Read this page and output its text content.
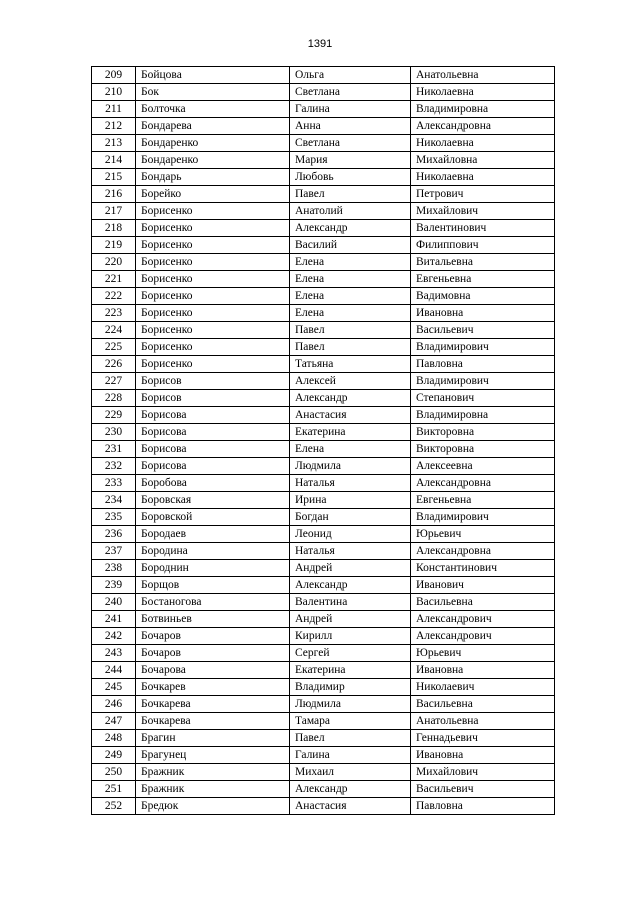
1391
209	Бойцова	Ольга	Анатольевна
210	Бок	Светлана	Николаевна
211	Болточка	Галина	Владимировна
212	Бондарева	Анна	Александровна
213	Бондаренко	Светлана	Николаевна
214	Бондаренко	Мария	Михайловна
215	Бондарь	Любовь	Николаевна
216	Борейко	Павел	Петрович
217	Борисенко	Анатолий	Михайлович
218	Борисенко	Александр	Валентинович
219	Борисенко	Василий	Филиппович
220	Борисенко	Елена	Витальевна
221	Борисенко	Елена	Евгеньевна
222	Борисенко	Елена	Вадимовна
223	Борисенко	Елена	Ивановна
224	Борисенко	Павел	Васильевич
225	Борисенко	Павел	Владимирович
226	Борисенко	Татьяна	Павловна
227	Борисов	Алексей	Владимирович
228	Борисов	Александр	Степанович
229	Борисова	Анастасия	Владимировна
230	Борисова	Екатерина	Викторовна
231	Борисова	Елена	Викторовна
232	Борисова	Людмила	Алексеевна
233	Боробова	Наталья	Александровна
234	Боровская	Ирина	Евгеньевна
235	Боровской	Богдан	Владимирович
236	Бородаев	Леонид	Юрьевич
237	Бородина	Наталья	Александровна
238	Бороднин	Андрей	Константинович
239	Борщов	Александр	Иванович
240	Бостаногова	Валентина	Васильевна
241	Ботвиньев	Андрей	Александрович
242	Бочаров	Кирилл	Александрович
243	Бочаров	Сергей	Юрьевич
244	Бочарова	Екатерина	Ивановна
245	Бочкарев	Владимир	Николаевич
246	Бочкарева	Людмила	Васильевна
247	Бочкарева	Тамара	Анатольевна
248	Брагин	Павел	Геннадьевич
249	Брагунец	Галина	Ивановна
250	Бражник	Михаил	Михайлович
251	Бражник	Александр	Васильевич
252	Бредюк	Анастасия	Павловна
